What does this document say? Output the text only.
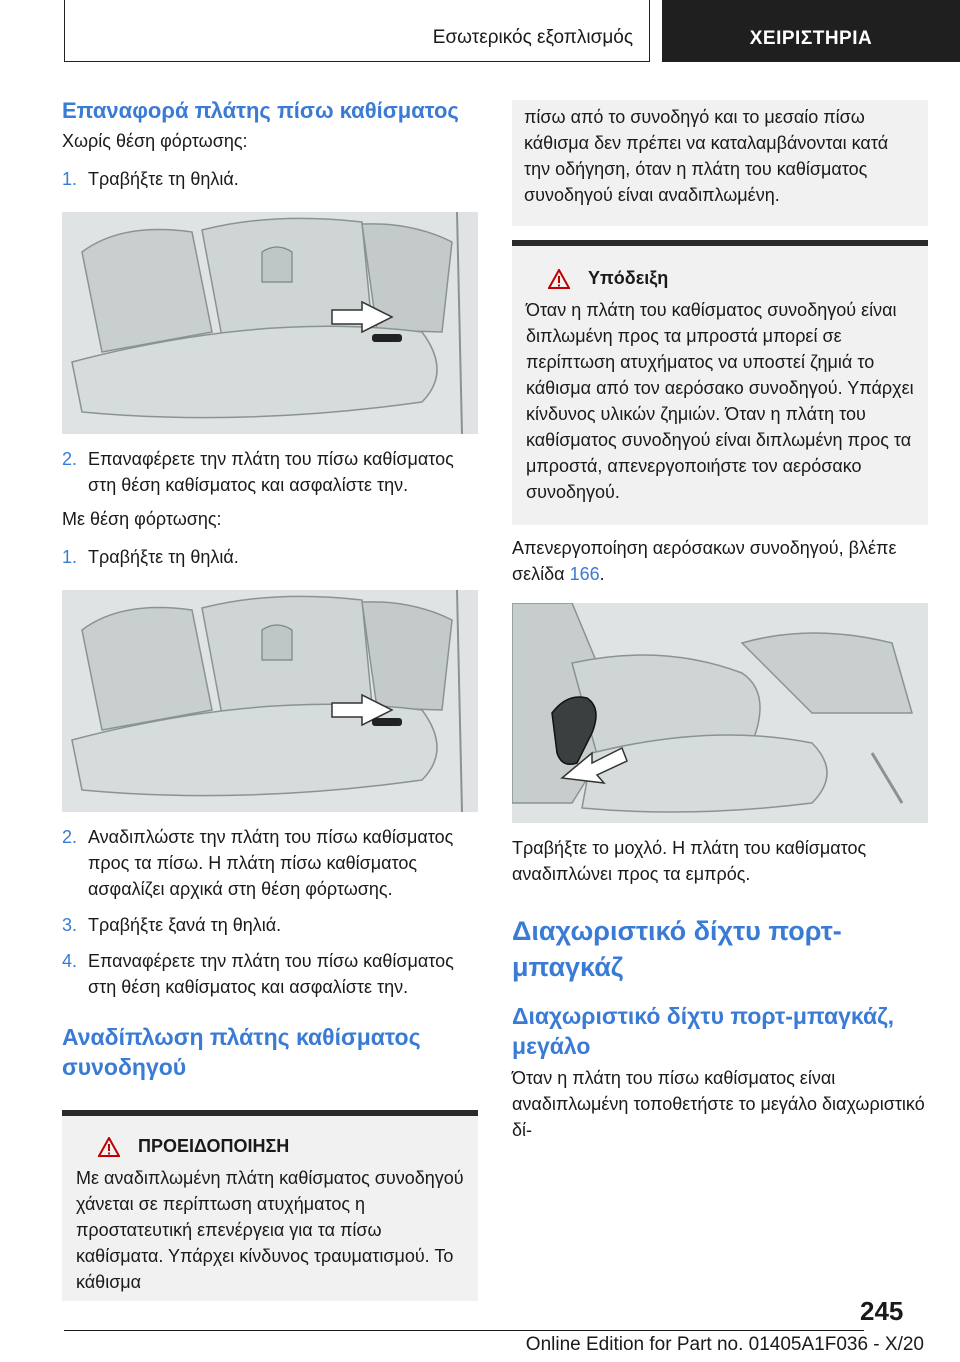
Εσωτερικός εξοπλισμός	ΧΕΙΡΙΣΤΗΡΙΑ
Επαναφορά πλάτης πίσω καθίσματος

Χωρίς θέση φόρτωσης:

1. Τραβήξτε τη θηλιά.
2. Επαναφέρετε την πλάτη του πίσω καθίσματος στη θέση καθίσματος και ασφαλίστε την.

Με θέση φόρτωσης:

1. Τραβήξτε τη θηλιά.
2. Αναδιπλώστε την πλάτη του πίσω καθίσματος προς τα πίσω. Η πλάτη πίσω καθίσματος ασφαλίζει αρχικά στη θέση φόρτωσης.
3. Τραβήξτε ξανά τη θηλιά.
4. Επαναφέρετε την πλάτη του πίσω καθίσματος στη θέση καθίσματος και ασφαλίστε την.
Αναδίπλωση πλάτης καθίσματος συνοδηγού
ΠΡΟΕΙΔΟΠΟΙΗΣΗ

Με αναδιπλωμένη πλάτη καθίσματος συνοδηγού χάνεται σε περίπτωση ατυχήματος η προστατευτική επενέργεια για τα πίσω καθίσματα. Υπάρχει κίνδυνος τραυματισμού. Το κάθισμα

πίσω από το συνοδηγό και το μεσαίο πίσω κάθισμα δεν πρέπει να καταλαμβάνονται κατά την οδήγηση, όταν η πλάτη του καθίσματος συνοδηγού είναι αναδιπλωμένη.

Υπόδειξη

Όταν η πλάτη του καθίσματος συνοδηγού είναι διπλωμένη προς τα μπροστά μπορεί σε περίπτωση ατυχήματος να υποστεί ζημιά το κάθισμα από τον αερόσακο συνοδηγού. Υπάρχει κίνδυνος υλικών ζημιών. Όταν η πλάτη του καθίσματος συνοδηγού είναι διπλωμένη προς τα μπροστά, απενεργοποιήστε τον αερόσακο συνοδηγού.

Απενεργοποίηση αερόσακων συνοδηγού, βλέπε σελίδα 166.

Τραβήξτε το μοχλό. Η πλάτη του καθίσματος αναδιπλώνει προς τα εμπρός.

Διαχωριστικό δίχτυ πορτ-μπαγκάζ
Διαχωριστικό δίχτυ πορτ-μπαγκάζ, μεγάλο

Όταν η πλάτη του πίσω καθίσματος είναι αναδιπλωμένη τοποθετήστε το μεγάλο διαχωριστικό δί-

245
Online Edition for Part no. 01405A1F036 - X/20
